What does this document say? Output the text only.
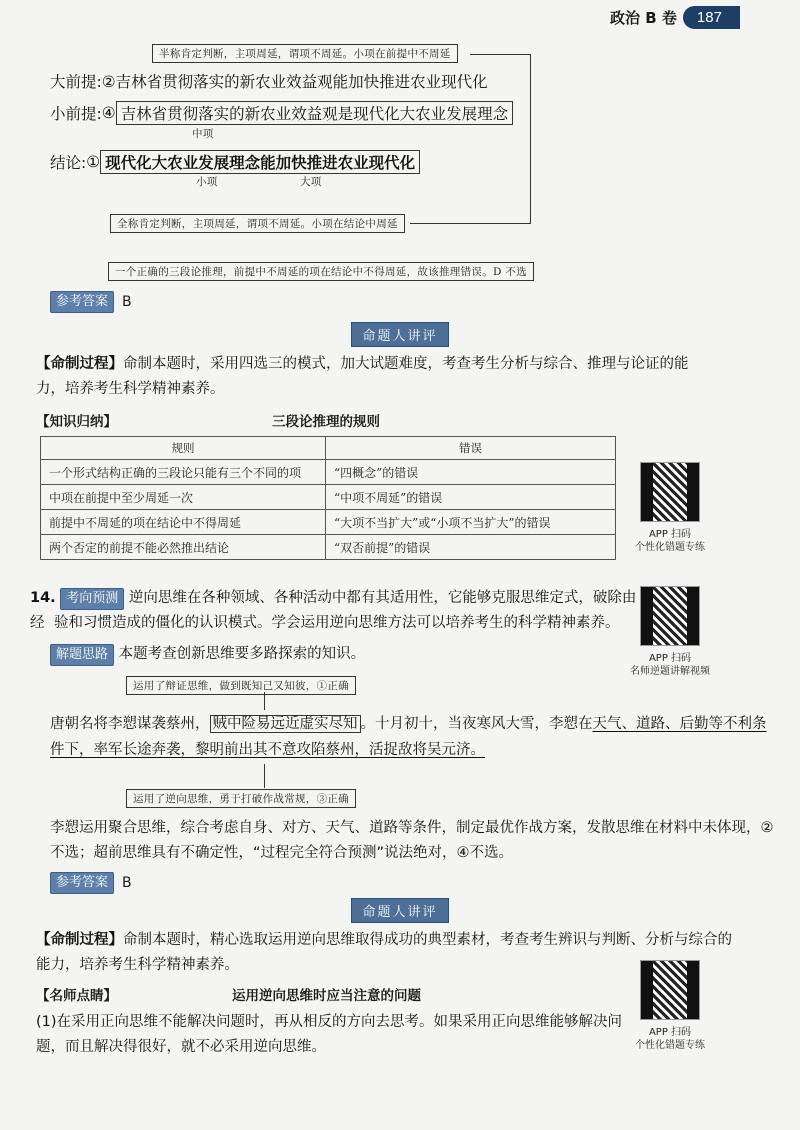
政治 B 卷	187
半称肯定判断，主项周延，谓项不周延。小项在前提中不周延
大前提:②吉林省贯彻落实的新农业效益观能加快推进农业现代化
小前提: ④ 吉林省贯彻落实的新农业效益观是现代化大农业发展理念
中项
结论: ① 现代化大农业发展理念能加快推进农业现代化
小项	大项
全称肯定判断，主项周延，谓项不周延。小项在结论中周延
一个正确的三段论推理，前提中不周延的项在结论中不得周延，故该推理错误。D 不选
参考答案	B
命题人讲评
【命制过程】命制本题时，采用四选三的模式，加大试题难度，考查考生分析与综合、推理与论证的能力，培养考生科学精神素养。
【知识归纳】	三段论推理的规则
规则	错误
一个形式结构正确的三段论只能有三个不同的项	“四概念”的错误
中项在前提中至少周延一次	“中项不周延”的错误
前提中不周延的项在结论中不得周延	“大项不当扩大”或“小项不当扩大”的错误
两个否定的前提不能必然推出结论	“双否前提”的错误
APP 扫码
个性化错题专练
14. 考向预测 逆向思维在各种领域、各种活动中都有其适用性，它能够克服思维定式，破除由经 验和习惯造成的僵化的认识模式。学会运用逆向思维方法可以培养考生的科学精神素养。
APP 扫码
名师逆题讲解视频
解题思路 本题考查创新思维要多路探索的知识。
运用了辩证思维，做到既知己又知彼，①正确
唐朝名将李愬谋袭蔡州， 贼中险易远近虚实尽知 。十月初十，当夜寒风大雪，李愬在天气、道路、后勤等不利条
件下，率军长途奔袭，黎明前出其不意攻陷蔡州，活捉敌将吴元济。
运用了逆向思维，勇于打破作战常规，③正确
李愬运用聚合思维，综合考虑自身、对方、天气、道路等条件，制定最优作战方案，发散思维在材料中未体现，②
不选；超前思维具有不确定性，“过程完全符合预测”说法绝对，④不选。
参考答案	B
命题人讲评
【命制过程】命制本题时，精心选取运用逆向思维取得成功的典型素材，考查考生辨识与判断、分析与综合的
能力，培养考生科学精神素养。
【名师点睛】	运用逆向思维时应当注意的问题
(1)在采用正向思维不能解决问题时，再从相反的方向去思考。如果采用正向思维能够解决问
题，而且解决得很好，就不必采用逆向思维。
APP 扫码
个性化错题专练
